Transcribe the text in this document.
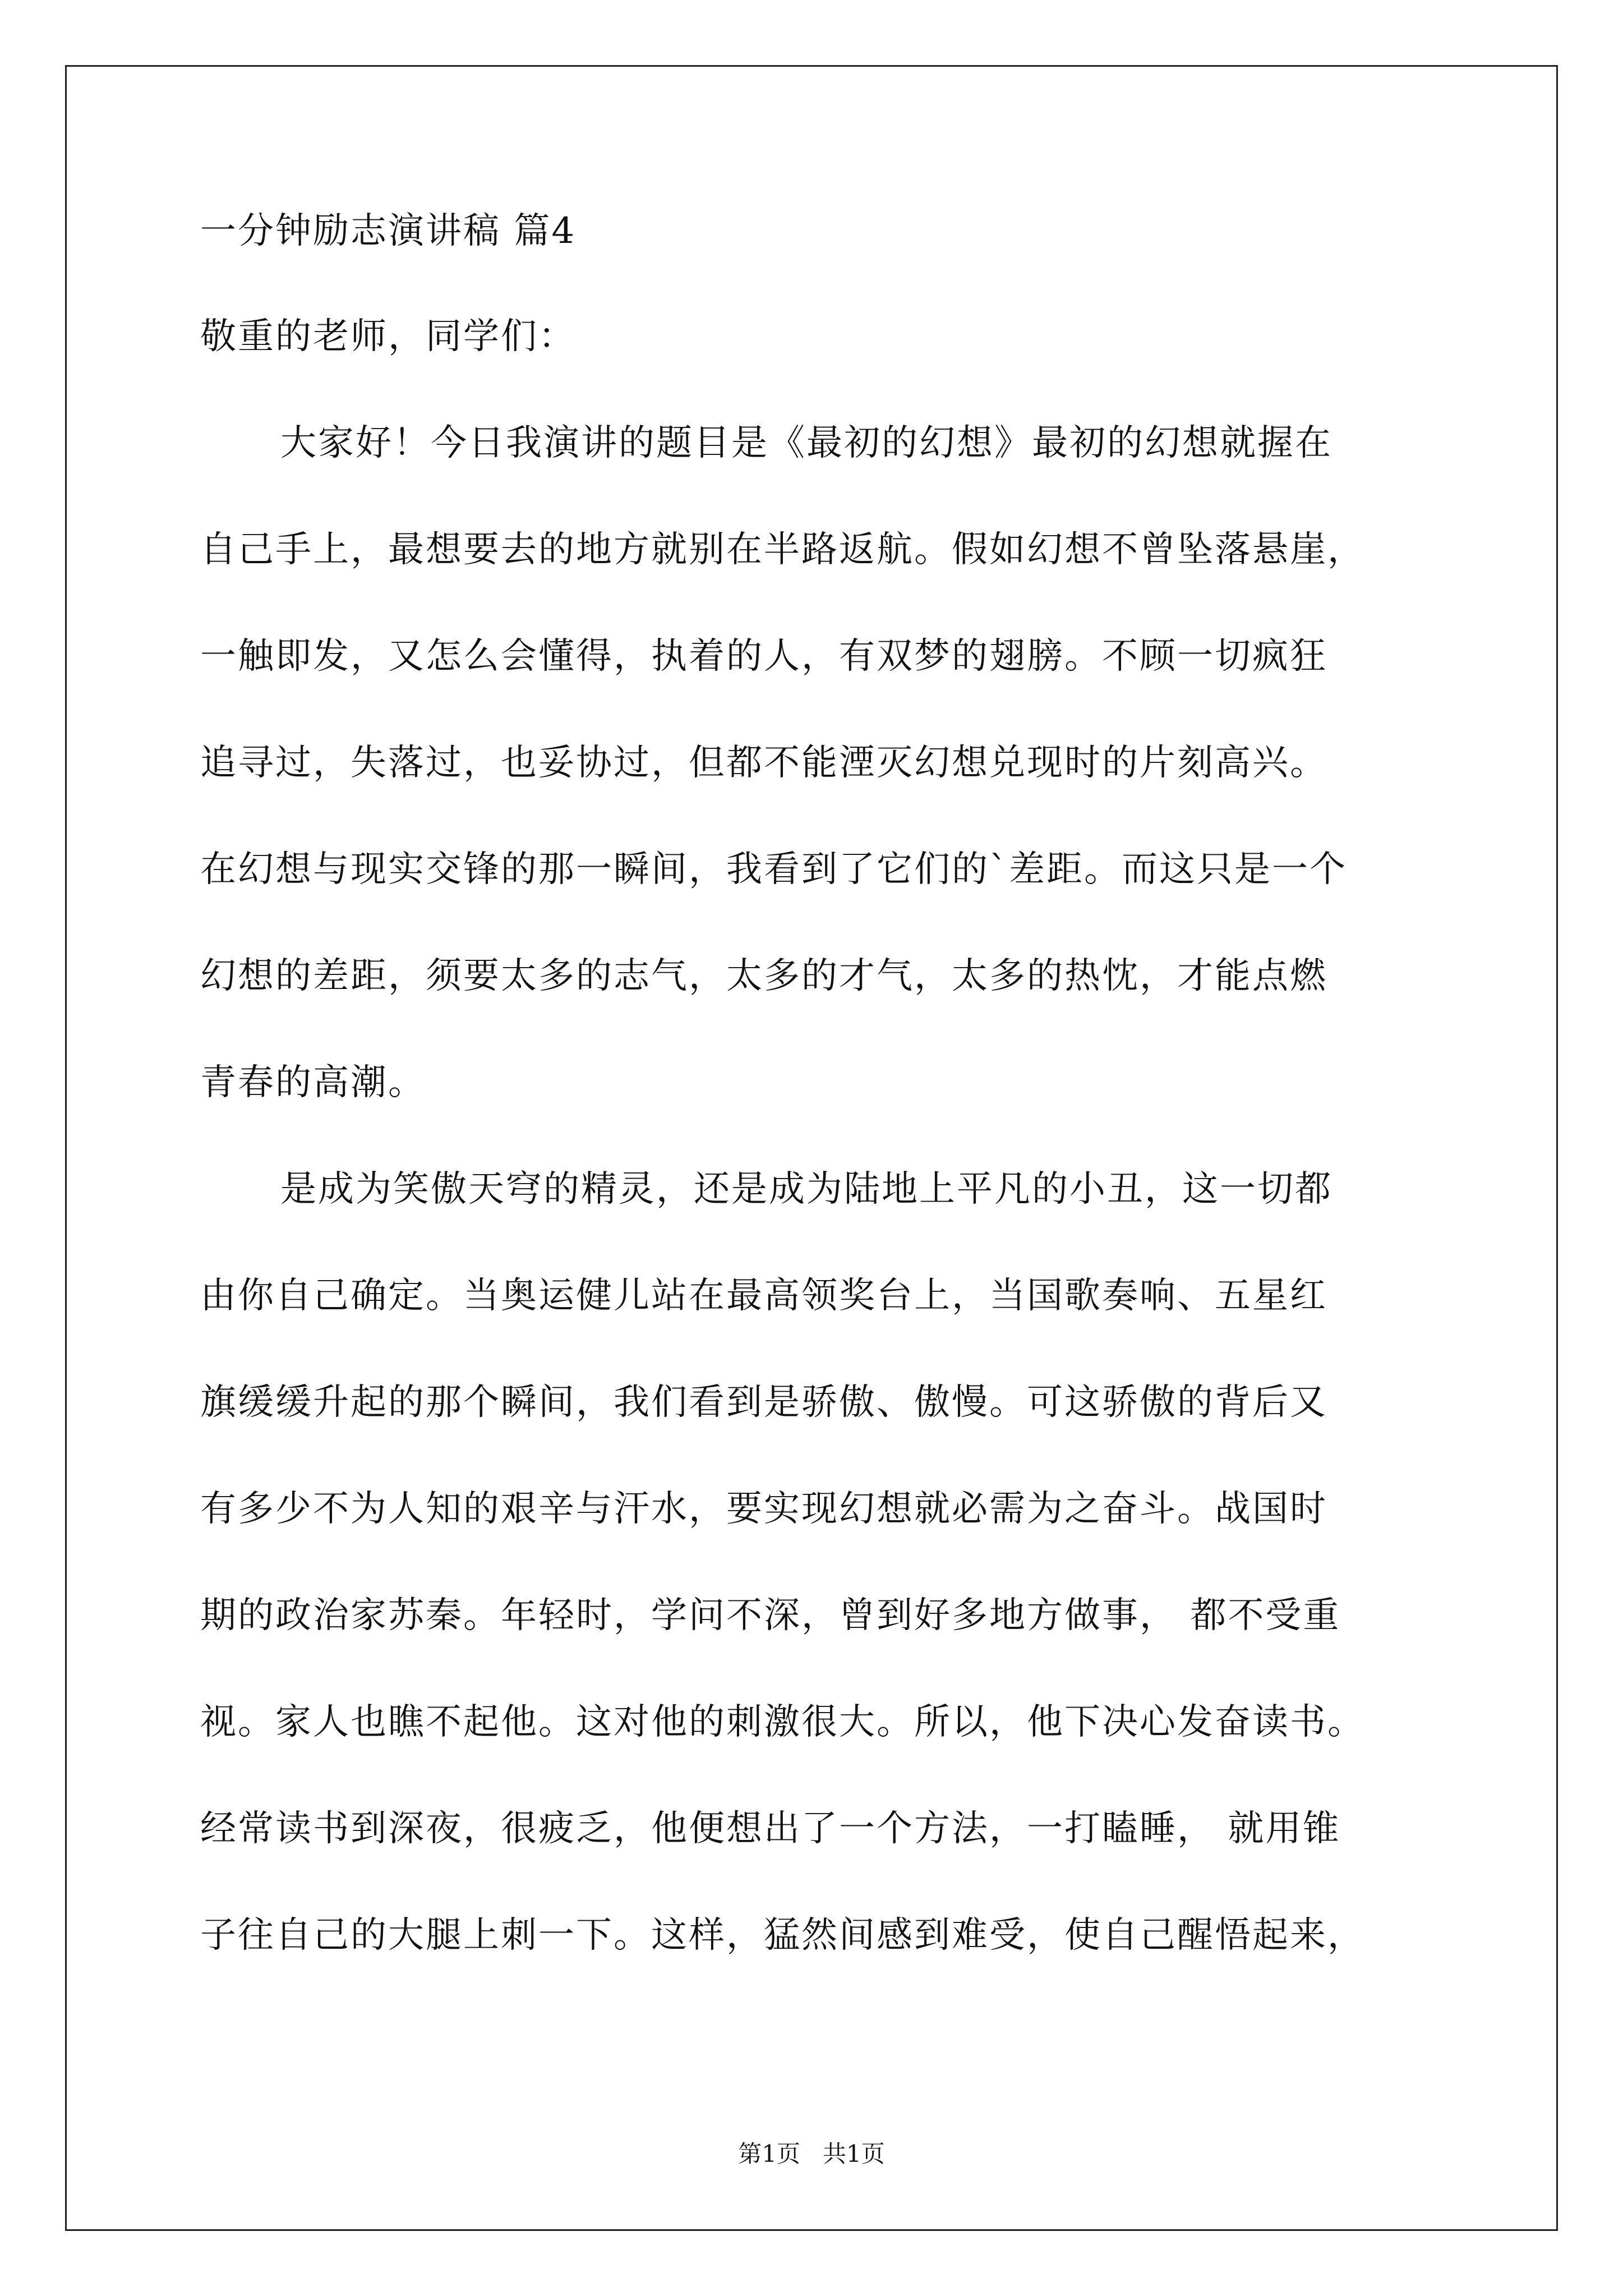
一分钟励志演讲稿 篇4
敬重的老师，同学们：
大家好！今日我演讲的题目是《最初的幻想》最初的幻想就握在
自己手上，最想要去的地方就别在半路返航。假如幻想不曾坠落悬崖，
一触即发，又怎么会懂得，执着的人，有双梦的翅膀。不顾一切疯狂
追寻过，失落过，也妥协过，但都不能湮灭幻想兑现时的片刻高兴。
在幻想与现实交锋的那一瞬间，我看到了它们的`差距。而这只是一个
幻想的差距，须要太多的志气，太多的才气，太多的热忱，才能点燃
青春的高潮。
是成为笑傲天穹的精灵，还是成为陆地上平凡的小丑，这一切都
由你自己确定。当奥运健儿站在最高领奖台上，当国歌奏响、五星红
旗缓缓升起的那个瞬间，我们看到是骄傲、傲慢。可这骄傲的背后又
有多少不为人知的艰辛与汗水，要实现幻想就必需为之奋斗。战国时
期的政治家苏秦。年轻时，学问不深，曾到好多地方做事， 都不受重
视。家人也瞧不起他。这对他的刺激很大。所以，他下决心发奋读书。
经常读书到深夜，很疲乏，他便想出了一个方法，一打瞌睡， 就用锥
子往自己的大腿上刺一下。这样，猛然间感到难受，使自己醒悟起来，
第1页   共1页
